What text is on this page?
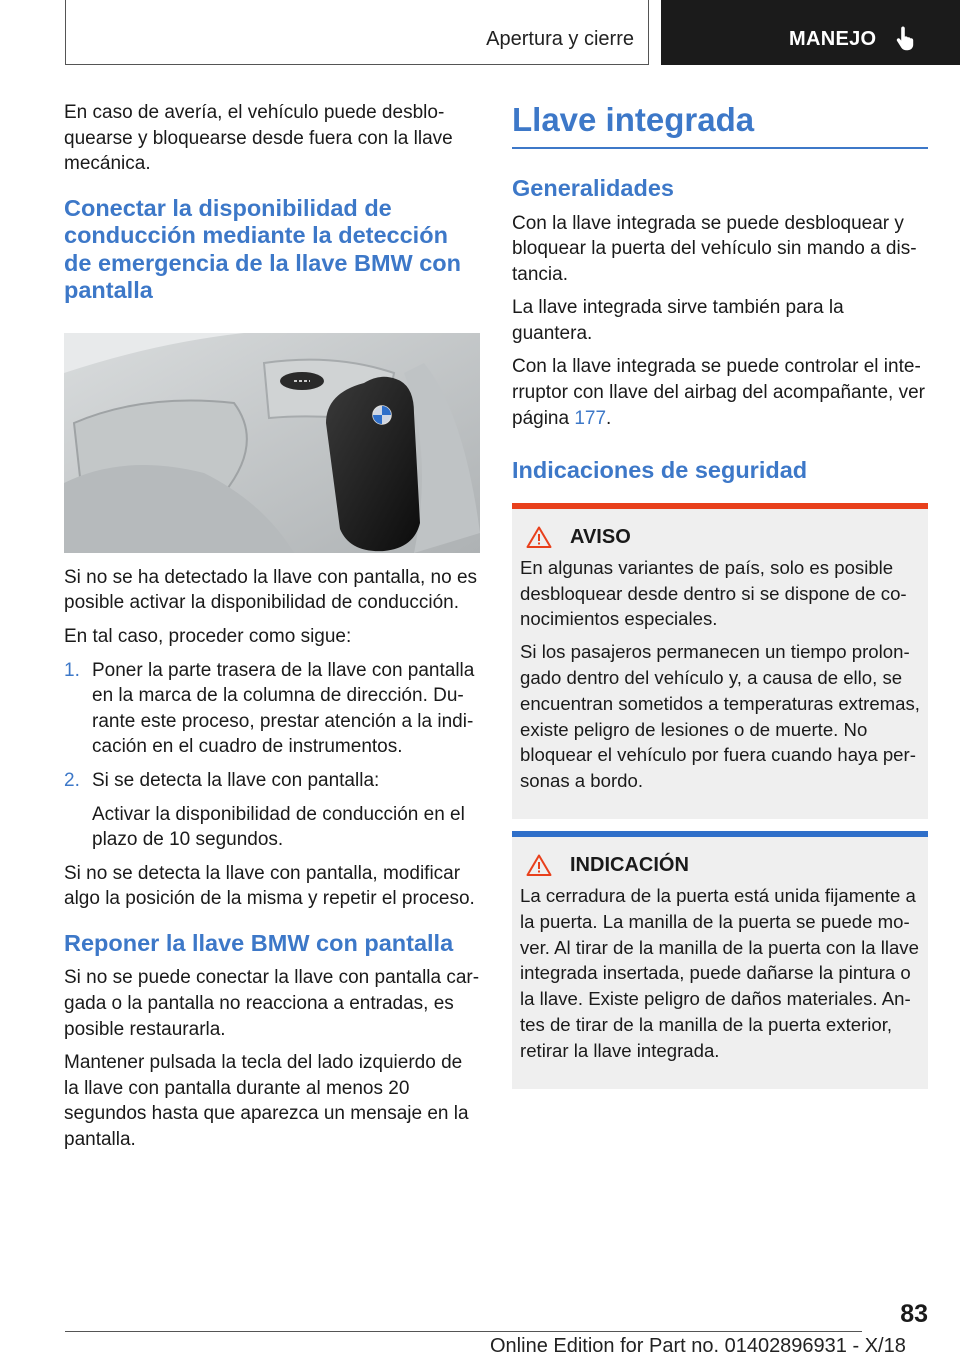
Apertura y cierre	MANEJO

En caso de avería, el vehículo puede desbloquearse y bloquearse desde fuera con la llave mecánica.

Conectar la disponibilidad de conducción mediante la detección de emergencia de la llave BMW con pantalla

Si no se ha detectado la llave con pantalla, no es posible activar la disponibilidad de conducción.

En tal caso, proceder como sigue:

1. Poner la parte trasera de la llave con pantalla en la marca de la columna de dirección. Durante este proceso, prestar atención a la indicación en el cuadro de instrumentos.
2. Si se detecta la llave con pantalla:
Activar la disponibilidad de conducción en el plazo de 10 segundos.

Si no se detecta la llave con pantalla, modificar algo la posición de la misma y repetir el proceso.

Reponer la llave BMW con pantalla

Si no se puede conectar la llave con pantalla cargada o la pantalla no reacciona a entradas, es posible restaurarla.

Mantener pulsada la tecla del lado izquierdo de la llave con pantalla durante al menos 20 segundos hasta que aparezca un mensaje en la pantalla.

Llave integrada
Generalidades

Con la llave integrada se puede desbloquear y bloquear la puerta del vehículo sin mando a distancia.

La llave integrada sirve también para la guantera.

Con la llave integrada se puede controlar el interruptor con llave del airbag del acompañante, ver página 177.

Indicaciones de seguridad
AVISO

En algunas variantes de país, solo es posible desbloquear desde dentro si se dispone de conocimientos especiales.

Si los pasajeros permanecen un tiempo prolongado dentro del vehículo y, a causa de ello, se encuentran sometidos a temperaturas extremas, existe peligro de lesiones o de muerte. No bloquear el vehículo por fuera cuando haya personas a bordo.

INDICACIÓN

La cerradura de la puerta está unida fijamente a la puerta. La manilla de la puerta se puede mover. Al tirar de la manilla de la puerta con la llave integrada insertada, puede dañarse la pintura o la llave. Existe peligro de daños materiales. Antes de tirar de la manilla de la puerta exterior, retirar la llave integrada.

83
Online Edition for Part no. 01402896931 - X/18
